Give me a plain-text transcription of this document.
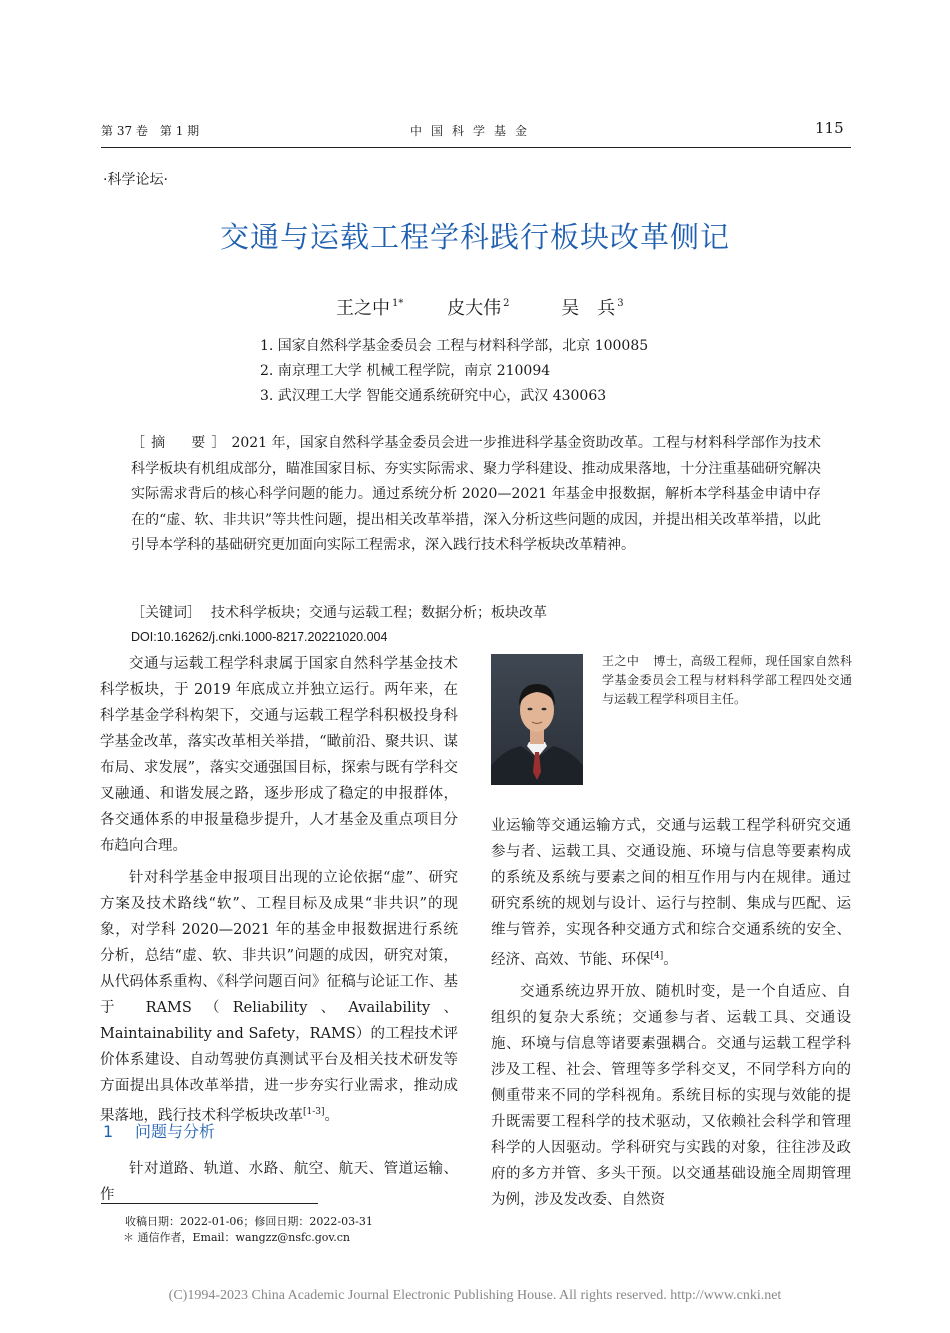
第 37 卷　第 1 期	中国科学基金	115
·科学论坛·
交通与运载工程学科践行板块改革侧记
王之中 $^{1*}$ 皮大伟 $^2$	吴　兵 $^3$
1. 国家自然科学基金委员会 工程与材料科学部，北京 100085
2. 南京理工大学 机械工程学院，南京 210094
3. 武汉理工大学 智能交通系统研究中心，武汉 430063
［摘　要］2021 年，国家自然科学基金委员会进一步推进科学基金资助改革。工程与材料科学部作为技术科学板块有机组成部分，瞄准国家目标、夯实实际需求、聚力学科建设、推动成果落地，十分注重基础研究解决实际需求背后的核心科学问题的能力。通过系统分析 2020—2021 年基金申报数据，解析本学科基金申请中存在的“虚、软、非共识”等共性问题，提出相关改革举措，深入分析这些问题的成因，并提出相关改革举措，以此引导本学科的基础研究更加面向实际工程需求，深入践行技术科学板块改革精神。
［关键词］ 技术科学板块；交通与运载工程；数据分析；板块改革
DOI:10.16262/j.cnki.1000-8217.20221020.004

交通与运载工程学科隶属于国家自然科学基金技术科学板块，于 2019 年底成立并独立运行。两年来，在科学基金学科构架下，交通与运载工程学科积极投身科学基金改革，落实改革相关举措，“瞰前沿、聚共识、谋布局、求发展”，落实交通强国目标，探索与既有学科交叉融通、和谐发展之路，逐步形成了稳定的申报群体，各交通体系的申报量稳步提升，人才基金及重点项目分布趋向合理。

针对科学基金申报项目出现的立论依据“虚”、研究方案及技术路线“软”、工程目标及成果“非共识”的现象，对学科 2020—2021 年的基金申报数据进行系统分析，总结“虚、软、非共识”问题的成因，研究对策，从代码体系重构、《科学问题百问》征稿与论证工作、基于 RAMS（Reliability、Availability、Maintainability and Safety，RAMS）的工程技术评价体系建设、自动驾驶仿真测试平台及相关技术研发等方面提出具体改革举措，进一步夯实行业需求，推动成果落地，践行技术科学板块改革[1-3]。

1 问题与分析

针对道路、轨道、水路、航空、航天、管道运输、作

王之中 博士，高级工程师，现任国家自然科学基金委员会工程与材料科学部工程四处交通与运载工程学科项目主任。

业运输等交通运输方式，交通与运载工程学科研究交通参与者、运载工具、交通设施、环境与信息等要素构成的系统及系统与要素之间的相互作用与内在规律。通过研究系统的规划与设计、运行与控制、集成与匹配、运维与管养，实现各种交通方式和综合交通系统的安全、经济、高效、节能、环保[4]。

交通系统边界开放、随机时变，是一个自适应、自组织的复杂大系统；交通参与者、运载工具、交通设施、环境与信息等诸要素强耦合。交通与运载工程学科涉及工程、社会、管理等多学科交叉，不同学科方向的侧重带来不同的学科视角。系统目标的实现与效能的提升既需要工程科学的技术驱动，又依赖社会科学和管理科学的人因驱动。学科研究与实践的对象，往往涉及政府的多方并管、多头干预。以交通基础设施全周期管理为例，涉及发改委、自然资

收稿日期：2022-01-06；修回日期：2022-03-31
＊ 通信作者，Email：wangzz@nsfc.gov.cn
(C)1994-2023 China Academic Journal Electronic Publishing House. All rights reserved. http://www.cnki.net
